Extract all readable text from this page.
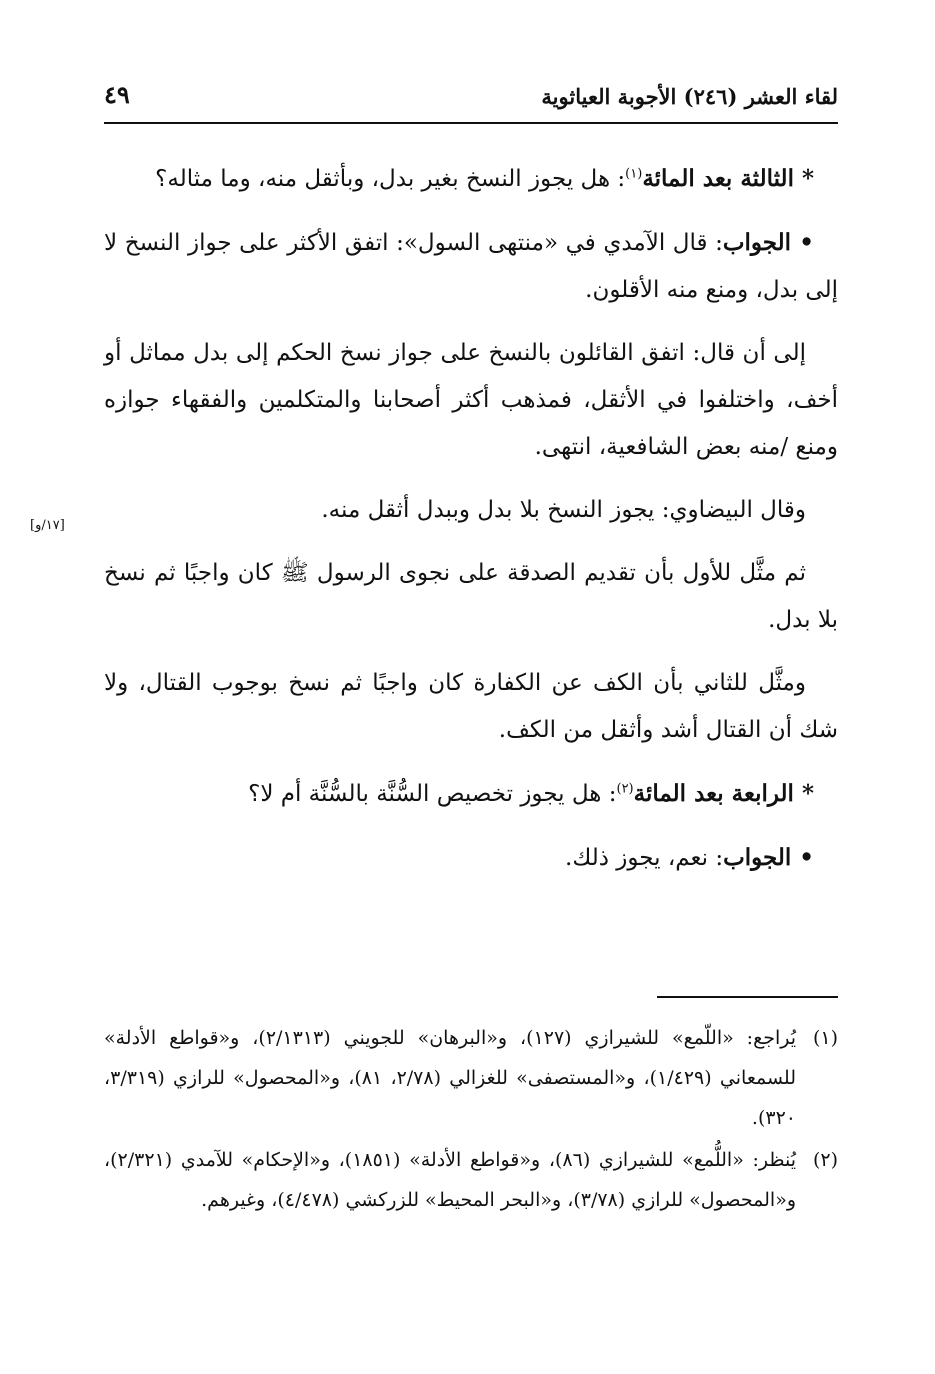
لقاء العشر (٢٤٦) الأجوبة العياثوية
٤٩
[١٧/و]

* الثالثة بعد المائة$^{(١)}$: هل يجوز النسخ بغير بدل، وبأثقل منه، وما مثاله؟

• الجواب: قال الآمدي في «منتهى السول»: اتفق الأكثر على جواز النسخ لا إلى بدل، ومنع منه الأقلون.

إلى أن قال: اتفق القائلون بالنسخ على جواز نسخ الحكم إلى بدل مماثل أو أخف، واختلفوا في الأثقل، فمذهب أكثر أصحابنا والمتكلمين والفقهاء جوازه ومنع /منه بعض الشافعية، انتهى.

وقال البيضاوي: يجوز النسخ بلا بدل وببدل أثقل منه.

ثم مثَّل للأول بأن تقديم الصدقة على نجوى الرسول ﷺ كان واجبًا ثم نسخ بلا بدل.

ومثَّل للثاني بأن الكف عن الكفارة كان واجبًا ثم نسخ بوجوب القتال، ولا شك أن القتال أشد وأثقل من الكف.

* الرابعة بعد المائة$^{(٢)}$: هل يجوز تخصيص السُّنَّة بالسُّنَّة أم لا؟

• الجواب: نعم، يجوز ذلك.

(١)
يُراجع: «اللّمع» للشيرازي (١٢٧)، و«البرهان» للجويني (٢/١٣١٣)، و«قواطع الأدلة» للسمعاني (١/٤٢٩)، و«المستصفى» للغزالي (٢/٧٨، ٨١)، و«المحصول» للرازي (٣/٣١٩، ٣٢٠).
(٢)
يُنظر: «اللُّمع» للشيرازي (٨٦)، و«قواطع الأدلة» (١٨٥١)، و«الإحكام» للآمدي (٢/٣٢١)، و«المحصول» للرازي (٣/٧٨)، و«البحر المحيط» للزركشي (٤/٤٧٨)، وغيرهم.
